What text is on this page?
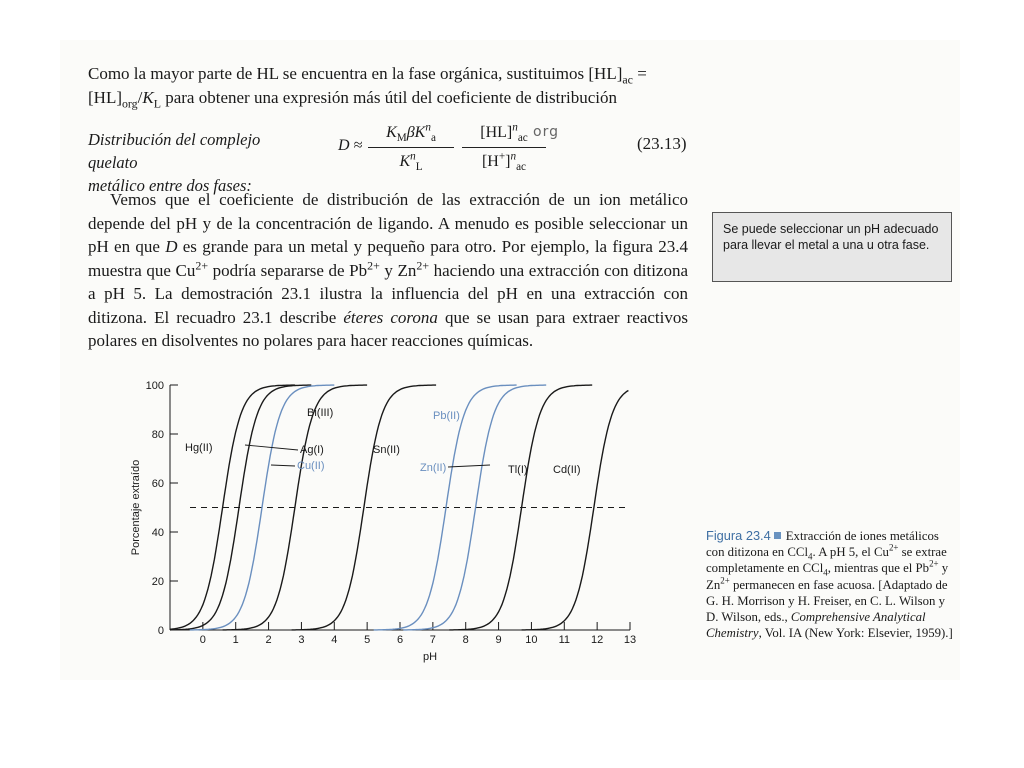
Como la mayor parte de HL se encuentra en la fase orgánica, sustituimos $[HL]_{ac}$ =
$[HL]_{org}/K_L$ para obtener una expresión más útil del coeficiente de distribución
Distribución del complejo quelato
metálico entre dos fases:
D ≈
$K_M\beta K^n_a$
$K^n_L$
[HL]$^n_{ac}$
$[H^+]^n_{ac}$
org
(23.13)
Vemos que el coeficiente de distribución de las extracción de un ion metálico depende del pH y de la concentración de ligando. A menudo es posible seleccionar un pH en que D es grande para un metal y pequeño para otro. Por ejemplo, la figura 23.4 muestra que $Cu^{2+}$ podría separarse de $Pb^{2+}$ y $Zn^{2+}$ haciendo una extracción con ditizona a pH 5. La demostración 23.1 ilustra la influencia del pH en una extracción con ditizona. El recuadro 23.1 describe éteres corona que se usan para extraer reactivos polares en disolventes no polares para hacer reacciones químicas.
Se puede seleccionar un pH adecuado para llevar el metal a una u otra fase.
0
20
40
60
80
100
0 1 2 3 4 5 6 7 8 9 10 11 12 13
pH
Porcentaje extraído
Hg(II)	Ag(I)
Cu(II)
Bi(III)
Sn(II)
Zn(II)
Pb(II)
Tl(I) Cd(II)
Figura 23.4 Extracción de iones metálicos con ditizona en CCl$_4$. A pH 5, el $Cu^{2+}$ se extrae completamente en CCl$_4$, mientras que el $Pb^{2+}$ y $Zn^{2+}$ permanecen en fase acuosa. [Adaptado de G. H. Morrison y H. Freiser, en C. L. Wilson y D. Wilson, eds., Comprehensive Analytical Chemistry, Vol. IA (New York: Elsevier, 1959).]
